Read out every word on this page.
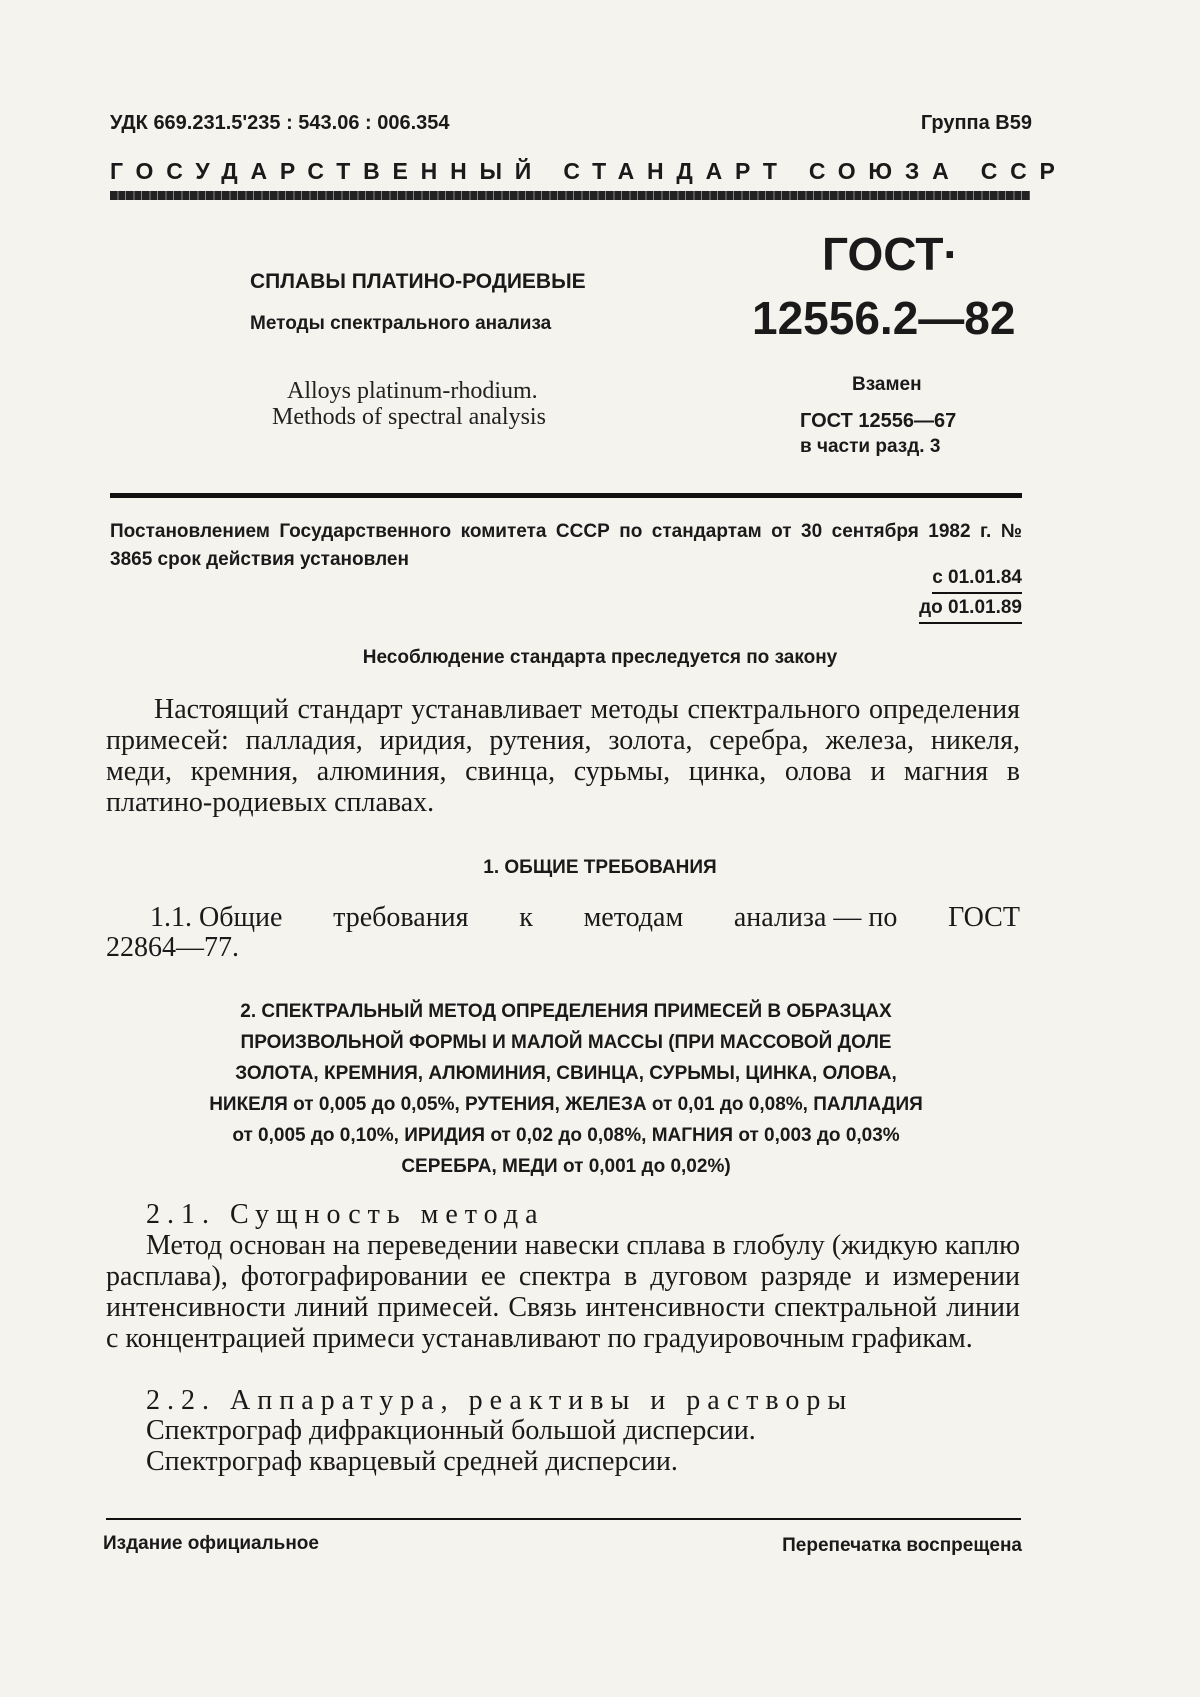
УДК 669.231.5'235 : 543.06 : 006.354	Группа В59
ГОСУДАРСТВЕННЫЙ СТАНДАРТ СОЮЗА ССР
СПЛАВЫ ПЛАТИНО-РОДИЕВЫЕ
Методы спектрального анализа
ГОСТ·
12556.2—82
Alloys platinum-rhodium.
Methods of spectral analysis
Взамен
ГОСТ 12556—67
в части разд. 3
Постановлением Государственного комитета СССР по стандартам от 30 сентября 1982 г. № 3865 срок действия установлен
с 01.01.84
до 01.01.89
Несоблюдение стандарта преследуется по закону
Настоящий стандарт устанавливает методы спектрального определения примесей: палладия, иридия, рутения, золота, серебра, железа, никеля, меди, кремния, алюминия, свинца, сурьмы, цинка, олова и магния в платино-родиевых сплавах.
1. ОБЩИЕ ТРЕБОВАНИЯ
1.1. Общие требования к методам анализа — по ГОСТ
22864—77.
2. СПЕКТРАЛЬНЫЙ МЕТОД ОПРЕДЕЛЕНИЯ ПРИМЕСЕЙ В ОБРАЗЦАХ
ПРОИЗВОЛЬНОЙ ФОРМЫ И МАЛОЙ МАССЫ (ПРИ МАССОВОЙ ДОЛЕ
ЗОЛОТА, КРЕМНИЯ, АЛЮМИНИЯ, СВИНЦА, СУРЬМЫ, ЦИНКА, ОЛОВА,
НИКЕЛЯ от 0,005 до 0,05%, РУТЕНИЯ, ЖЕЛЕЗА от 0,01 до 0,08%, ПАЛЛАДИЯ
от 0,005 до 0,10%, ИРИДИЯ от 0,02 до 0,08%, МАГНИЯ от 0,003 до 0,03%
СЕРЕБРА, МЕДИ от 0,001 до 0,02%)
2.1. Сущность метода
Метод основан на переведении навески сплава в глобулу (жидкую каплю расплава), фотографировании ее спектра в дуговом разряде и измерении интенсивности линий примесей. Связь интенсивности спектральной линии с концентрацией примеси устанавливают по градуировочным графикам.
2.2. Аппаратура, реактивы и растворы
Спектрограф дифракционный большой дисперсии.
Спектрограф кварцевый средней дисперсии.
Издание официальное	Перепечатка воспрещена
